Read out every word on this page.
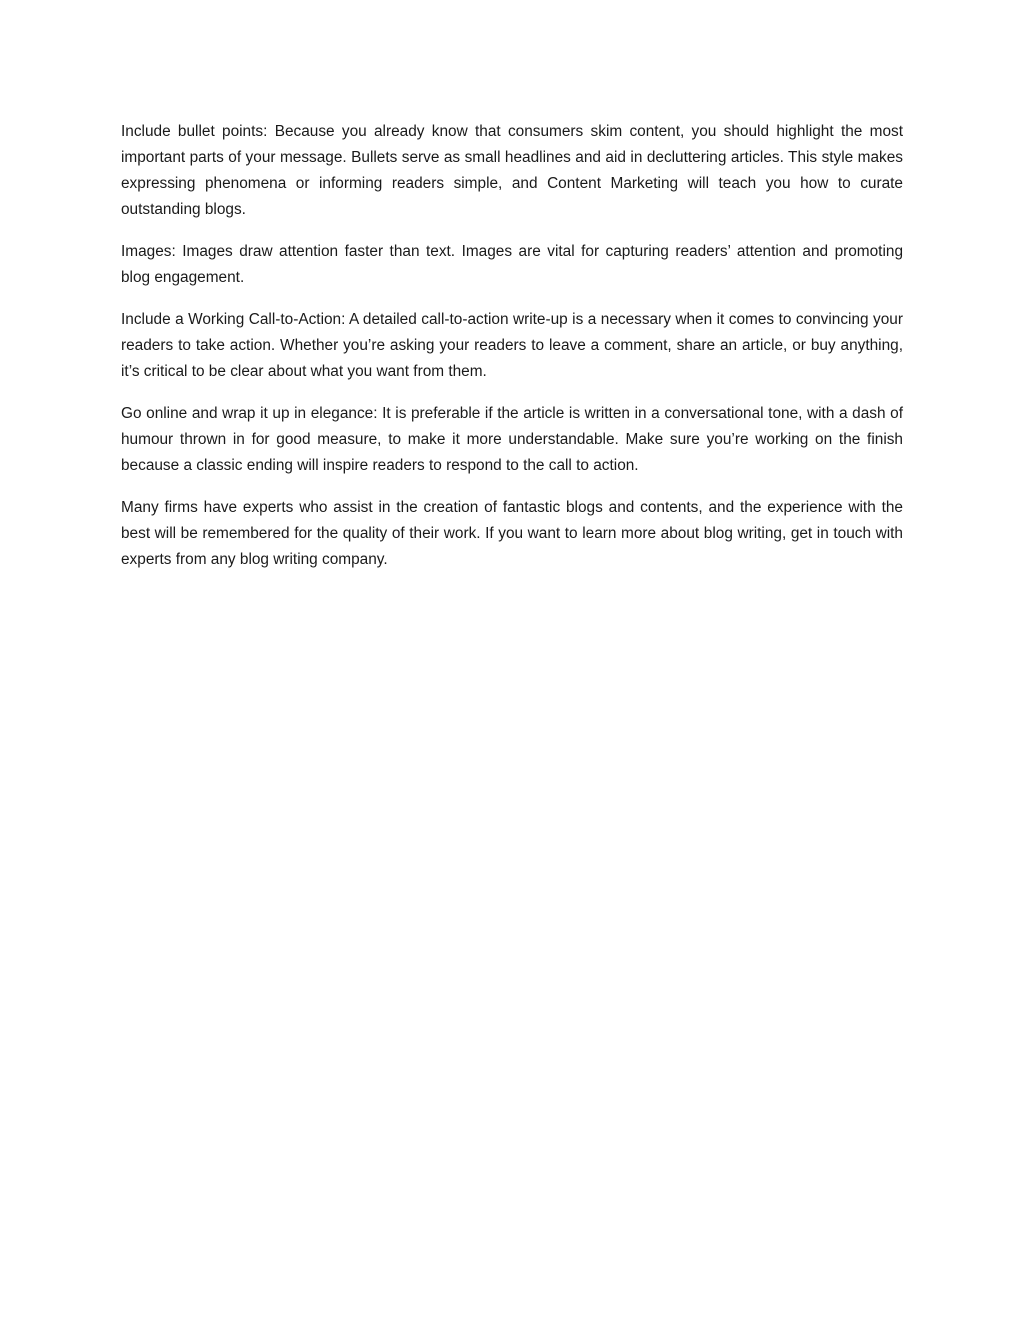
Include bullet points: Because you already know that consumers skim content, you should highlight the most important parts of your message. Bullets serve as small headlines and aid in decluttering articles. This style makes expressing phenomena or informing readers simple, and Content Marketing will teach you how to curate outstanding blogs.

Images: Images draw attention faster than text. Images are vital for capturing readers’ attention and promoting blog engagement.

Include a Working Call-to-Action: A detailed call-to-action write-up is a necessary when it comes to convincing your readers to take action. Whether you’re asking your readers to leave a comment, share an article, or buy anything, it’s critical to be clear about what you want from them.

Go online and wrap it up in elegance: It is preferable if the article is written in a conversational tone, with a dash of humour thrown in for good measure, to make it more understandable. Make sure you’re working on the finish because a classic ending will inspire readers to respond to the call to action.

Many firms have experts who assist in the creation of fantastic blogs and contents, and the experience with the best will be remembered for the quality of their work. If you want to learn more about blog writing, get in touch with experts from any blog writing company.
